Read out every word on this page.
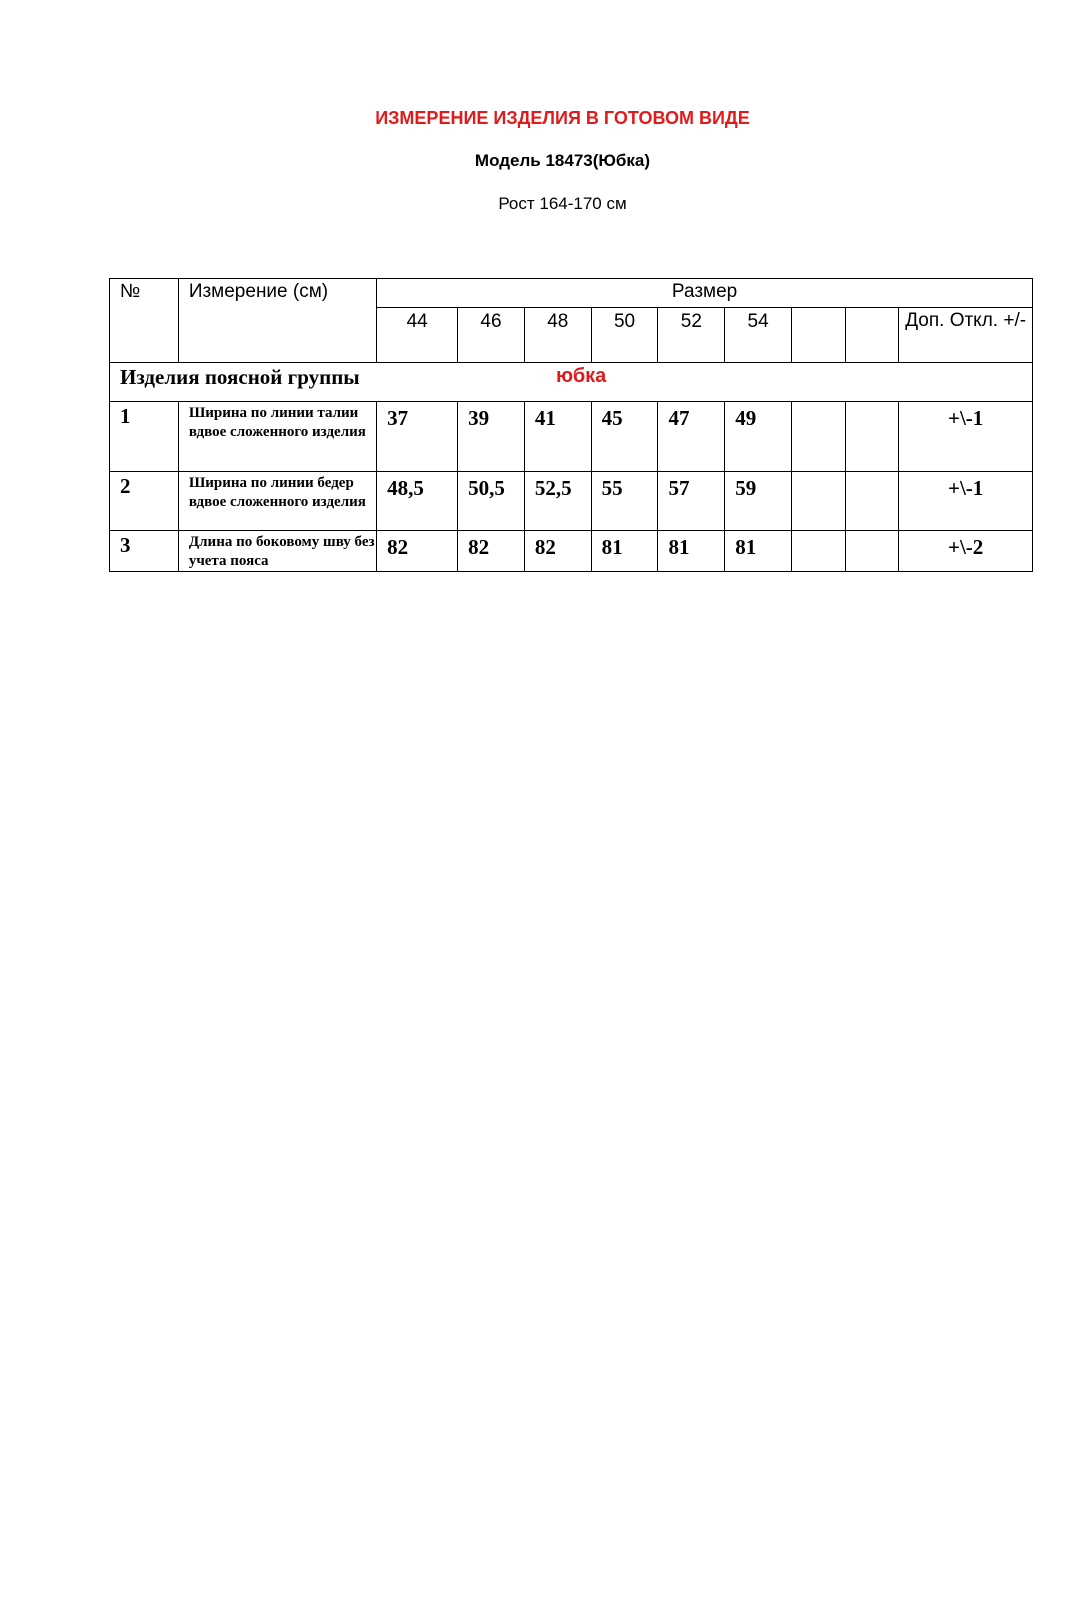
ИЗМЕРЕНИЕ ИЗДЕЛИЯ В ГОТОВОМ ВИДЕ
Модель 18473(Юбка)
Рост 164-170 см
№	Измерение (см)	Размер								
		44	46	48	50	52	54			Доп. Откл. +/-
Изделия поясной группы юбка										

1	Ширина по линии талии вдвое сложенного изделия	37	39	41	45	47	49			+\-1
2	Ширина по линии бедер вдвое сложенного изделия	48,5	50,5	52,5	55	57	59			+\-1
3	Длина по боковому шву без учета пояса	82	82	82	81	81	81			+\-2
